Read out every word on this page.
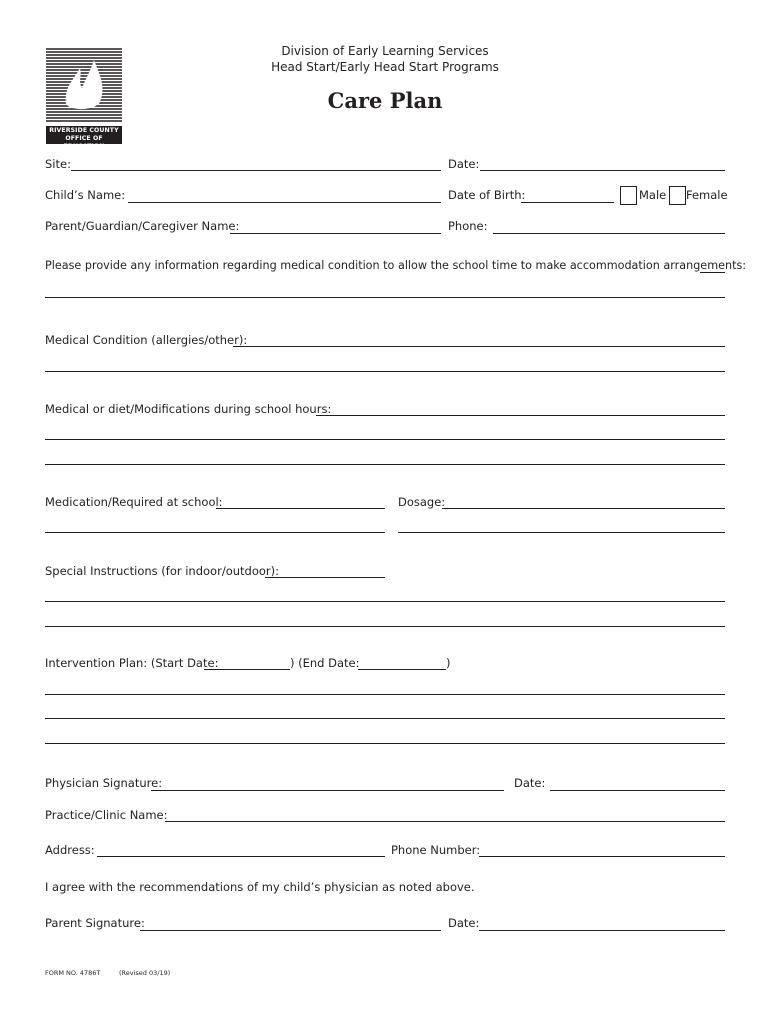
RIVERSIDE COUNTY
OFFICE OF EDUCATION
Division of Early Learning Services
Head Start/Early Head Start Programs
Care Plan
Site:	Date:
Child’s Name:	Date of Birth:	Male Female
Parent/Guardian/Caregiver Name:	Phone:
Please provide any information regarding medical condition to allow the school time to make accommodation arrangements:
Medical Condition (allergies/other):
Medical or diet/Modifications during school hours:
Medication/Required at school:	Dosage:
Special Instructions (for indoor/outdoor):
Intervention Plan: (Start Date:	) (End Date:	)
Physician Signature:	Date:
Practice/Clinic Name:
Address:	Phone Number:
I agree with the recommendations of my child’s physician as noted above.
Parent Signature:	Date:
FORM NO. 4786T	(Revised 03/19)
